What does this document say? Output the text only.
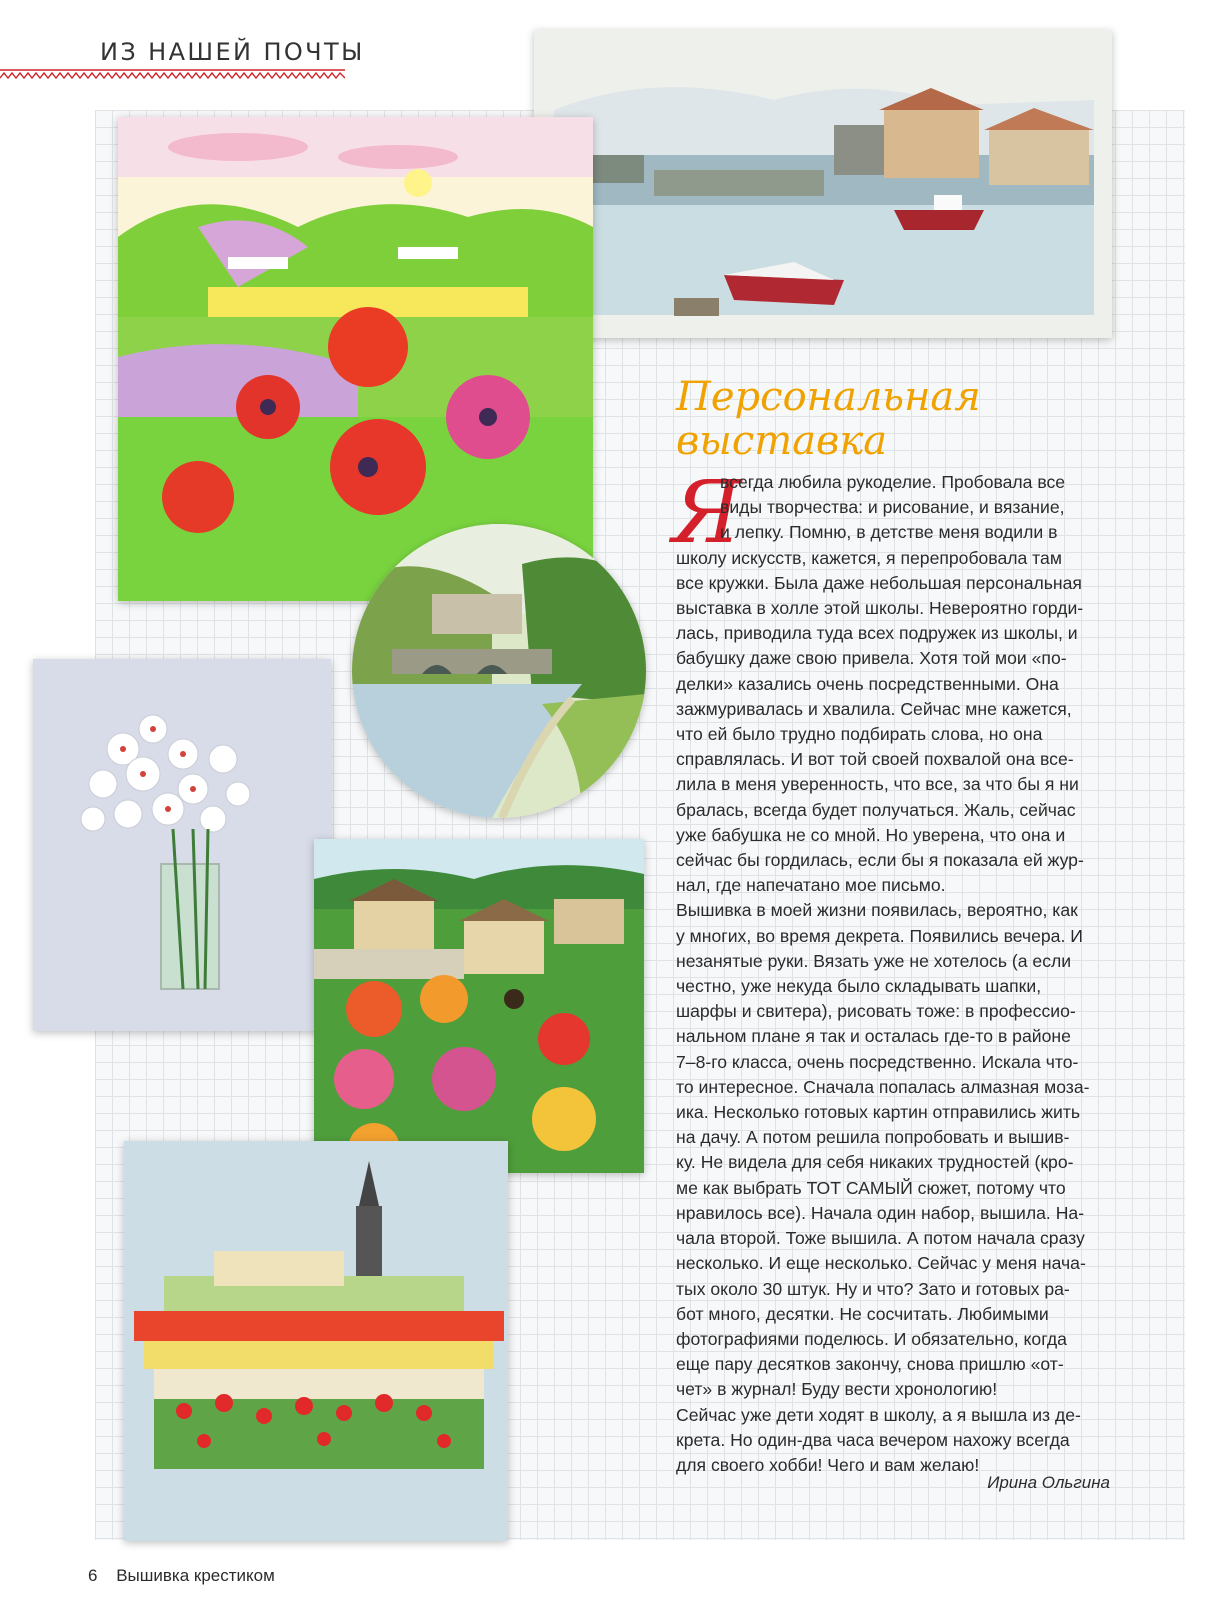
ИЗ НАШЕЙ ПОЧТЫ
Персональная выставка
Я
всегда любила рукоделие. Пробовала все
виды творчества: и рисование, и вязание,
и лепку. Помню, в детстве меня водили в
школу искусств, кажется, я перепробовала там
все кружки. Была даже небольшая персональная
выставка в холле этой школы. Невероятно горди-
лась, приводила туда всех подружек из школы, и
бабушку даже свою привела. Хотя той мои «по-
делки» казались очень посредственными. Она
зажмуривалась и хвалила. Сейчас мне кажется,
что ей было трудно подбирать слова, но она
справлялась. И вот той своей похвалой она все-
лила в меня уверенность, что все, за что бы я ни
бралась, всегда будет получаться. Жаль, сейчас
уже бабушка не со мной. Но уверена, что она и
сейчас бы гордилась, если бы я показала ей жур-
нал, где напечатано мое письмо.
Вышивка в моей жизни появилась, вероятно, как
у многих, во время декрета. Появились вечера. И
незанятые руки. Вязать уже не хотелось (а если
честно, уже некуда было складывать шапки,
шарфы и свитера), рисовать тоже: в профессио-
нальном плане я так и осталась где-то в районе
7–8-го класса, очень посредственно. Искала что-
то интересное. Сначала попалась алмазная моза-
ика. Несколько готовых картин отправились жить
на дачу. А потом решила попробовать и вышив-
ку. Не видела для себя никаких трудностей (кро-
ме как выбрать ТОТ САМЫЙ сюжет, потому что
нравилось все). Начала один набор, вышила. На-
чала второй. Тоже вышила. А потом начала сразу
несколько. И еще несколько. Сейчас у меня нача-
тых около 30 штук. Ну и что? Зато и готовых ра-
бот много, десятки. Не сосчитать. Любимыми
фотографиями поделюсь. И обязательно, когда
еще пару десятков закончу, снова пришлю «от-
чет» в журнал! Буду вести хронологию!
Сейчас уже дети ходят в школу, а я вышла из де-
крета. Но один-два часа вечером нахожу всегда
для своего хобби! Чего и вам желаю!
Ирина Ольгина
6 Вышивка крестиком
